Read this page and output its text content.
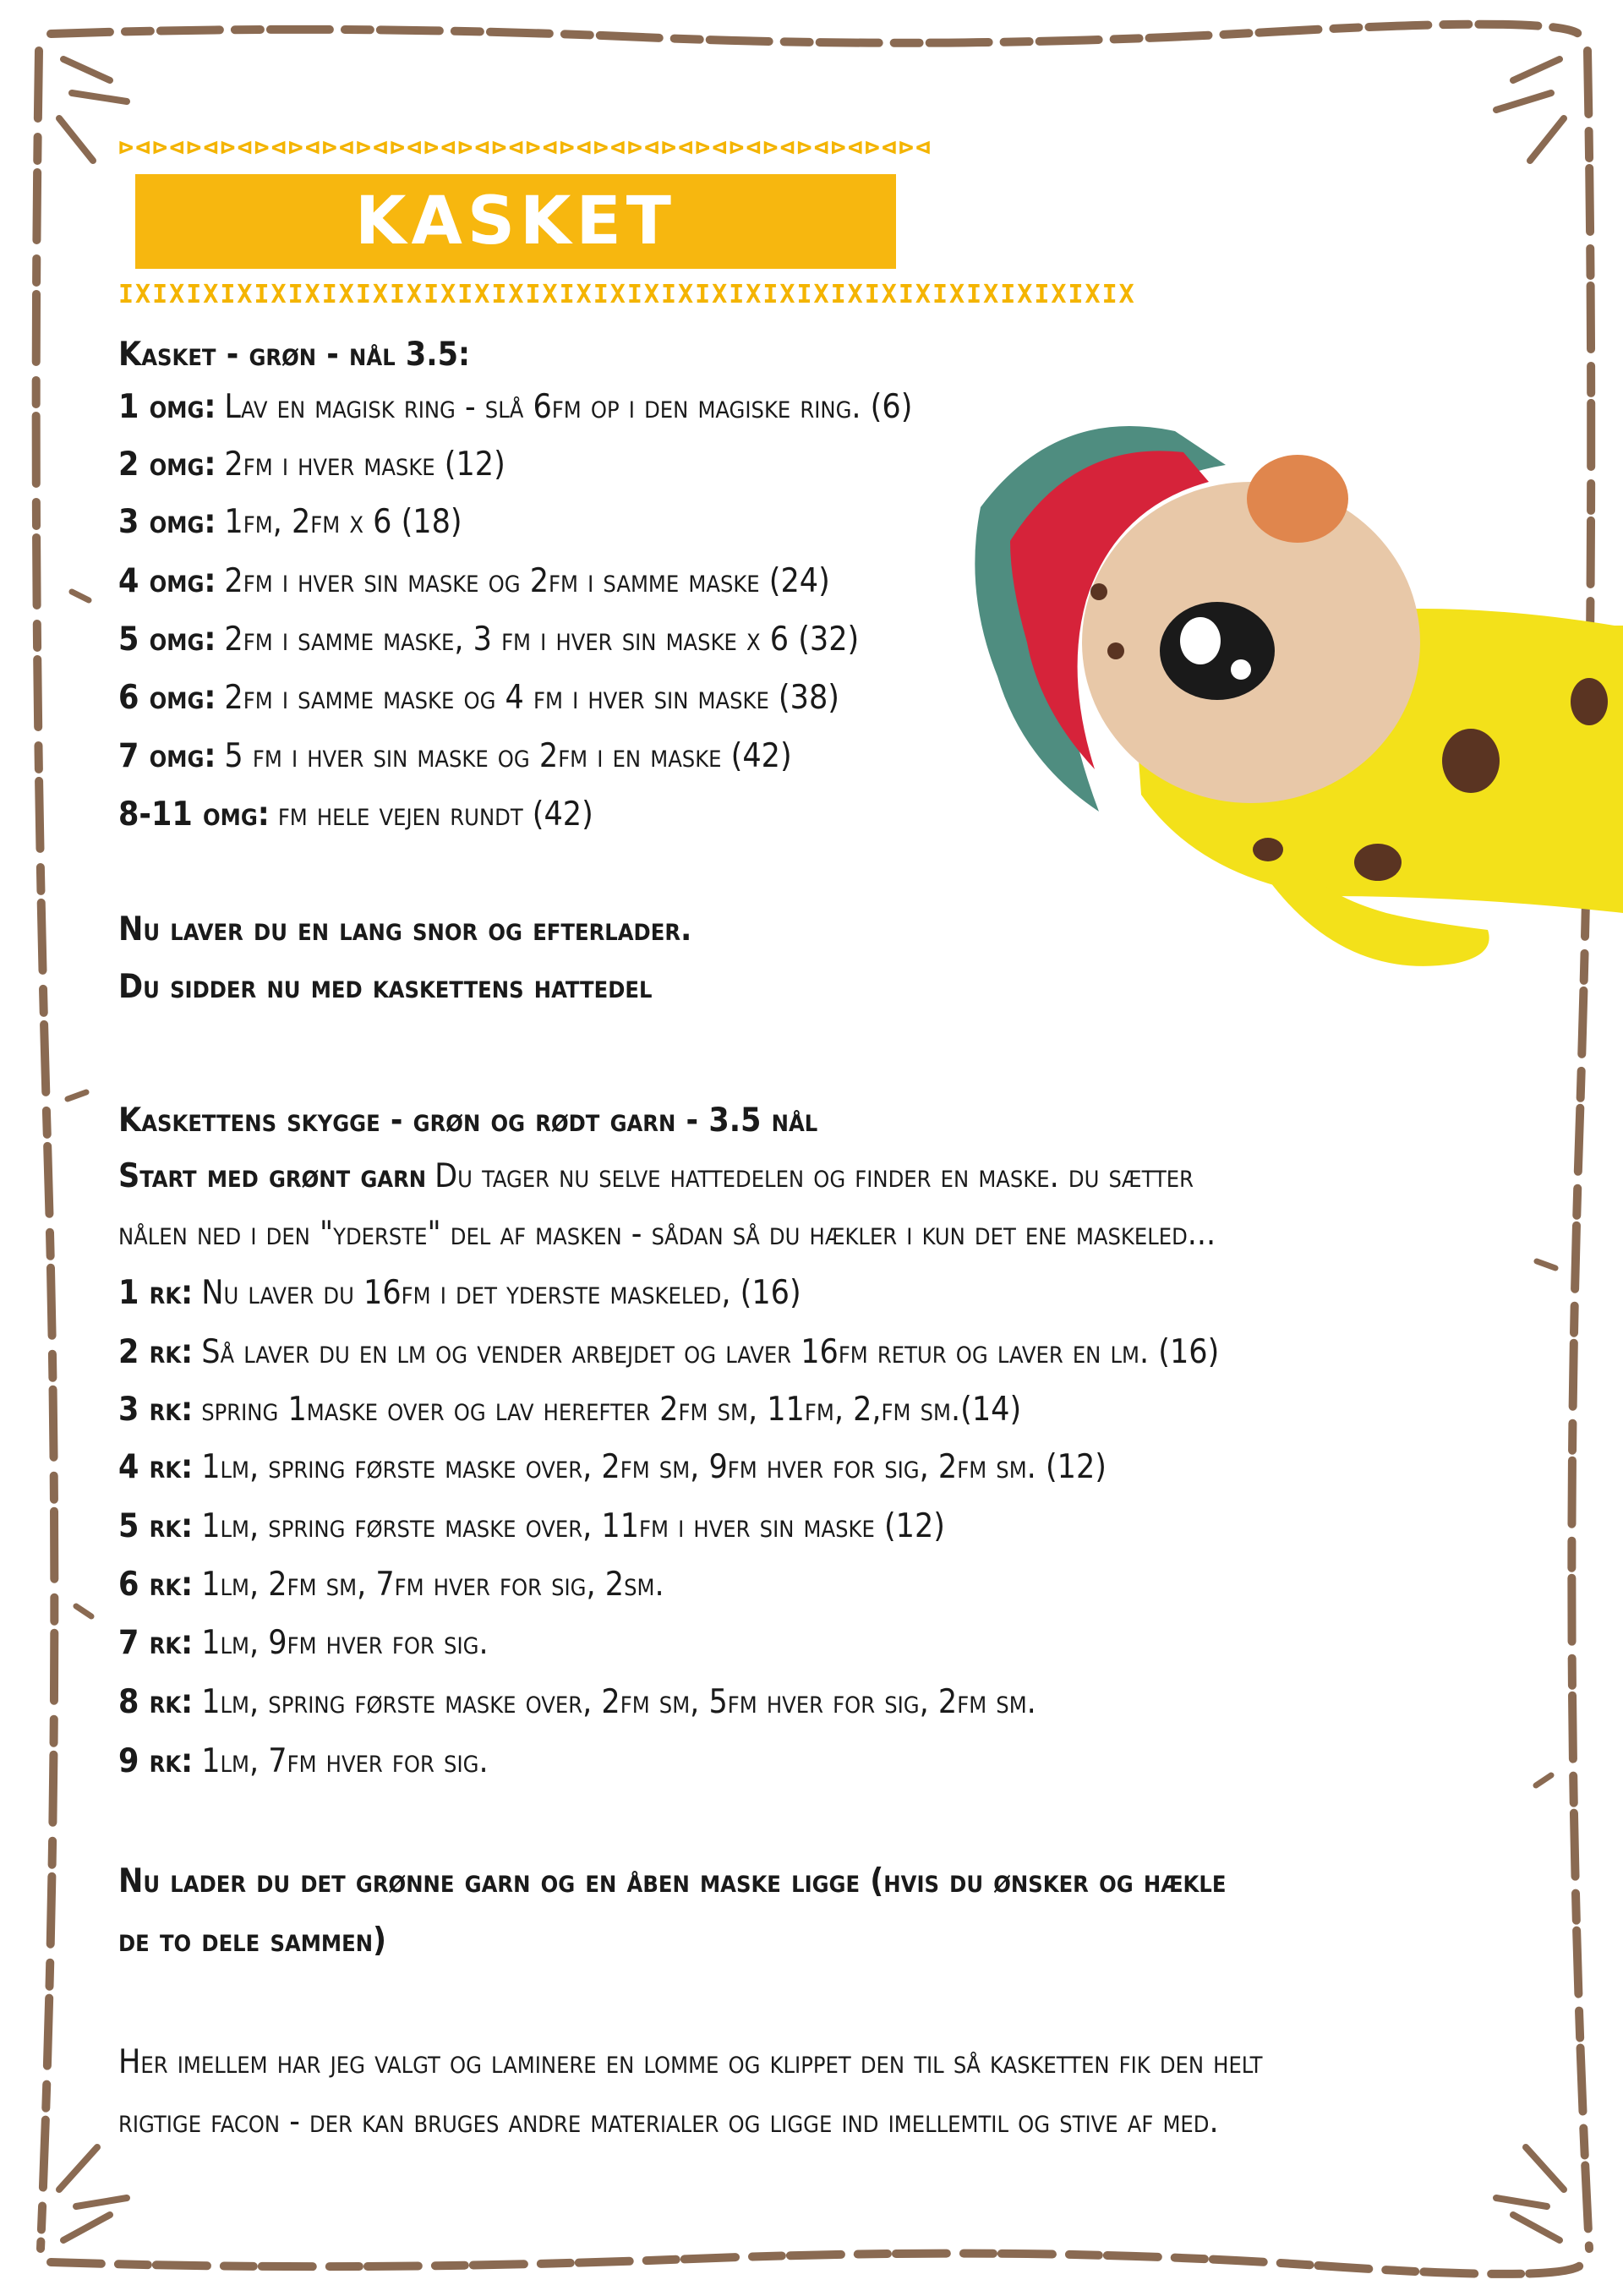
⊳⊲⊳⊲⊳⊲⊳⊲⊳⊲⊳⊲⊳⊲⊳⊲⊳⊲⊳⊲⊳⊲⊳⊲⊳⊲⊳⊲⊳⊲⊳⊲⊳⊲⊳⊲⊳⊲⊳⊲⊳⊲⊳⊲⊳⊲⊳⊲
KASKET
IXIXIXIXIXIXIXIXIXIXIXIXIXIXIXIXIXIXIXIXIXIXIXIXIXIXIXIXIXIX
Kasket - grøn - nål 3.5:
1 omg: Lav en magisk ring - slå 6fm op i den magiske ring. (6)
2 omg: 2fm i hver maske (12)
3 omg: 1fm, 2fm x 6 (18)
4 omg: 2fm i hver sin maske og 2fm i samme maske (24)
5 omg: 2fm i samme maske, 3 fm i hver sin maske x 6 (32)
6 omg: 2fm i samme maske og 4 fm i hver sin maske (38)
7 omg: 5 fm i hver sin maske og 2fm i en maske (42)
8-11 omg: fm hele vejen rundt (42)
Nu laver du en lang snor og efterlader.
Du sidder nu med kaskettens hattedel
Kaskettens skygge - grøn og rødt garn - 3.5 nål
Start med grønt garn Du tager nu selve hattedelen og finder en maske. du sætter
nålen ned i den "yderste" del af masken - sådan så du hækler i kun det ene maskeled...
1 rk: Nu laver du 16fm i det yderste maskeled, (16)
2 rk: Så laver du en lm og vender arbejdet og laver 16fm retur og laver en lm. (16)
3 rk: spring 1maske over og lav herefter 2fm sm, 11fm, 2,fm sm.(14)
4 rk: 1lm, spring første maske over, 2fm sm, 9fm hver for sig, 2fm sm. (12)
5 rk: 1lm, spring første maske over, 11fm i hver sin maske (12)
6 rk: 1lm, 2fm sm, 7fm hver for sig, 2sm.
7 rk: 1lm, 9fm hver for sig.
8 rk: 1lm, spring første maske over, 2fm sm, 5fm hver for sig, 2fm sm.
9 rk: 1lm, 7fm hver for sig.
Nu lader du det grønne garn og en åben maske ligge (hvis du ønsker og hækle
de to dele sammen)
Her imellem har jeg valgt og laminere en lomme og klippet den til så kasketten fik den helt
rigtige facon - der kan bruges andre materialer og ligge ind imellemtil og stive af med.
